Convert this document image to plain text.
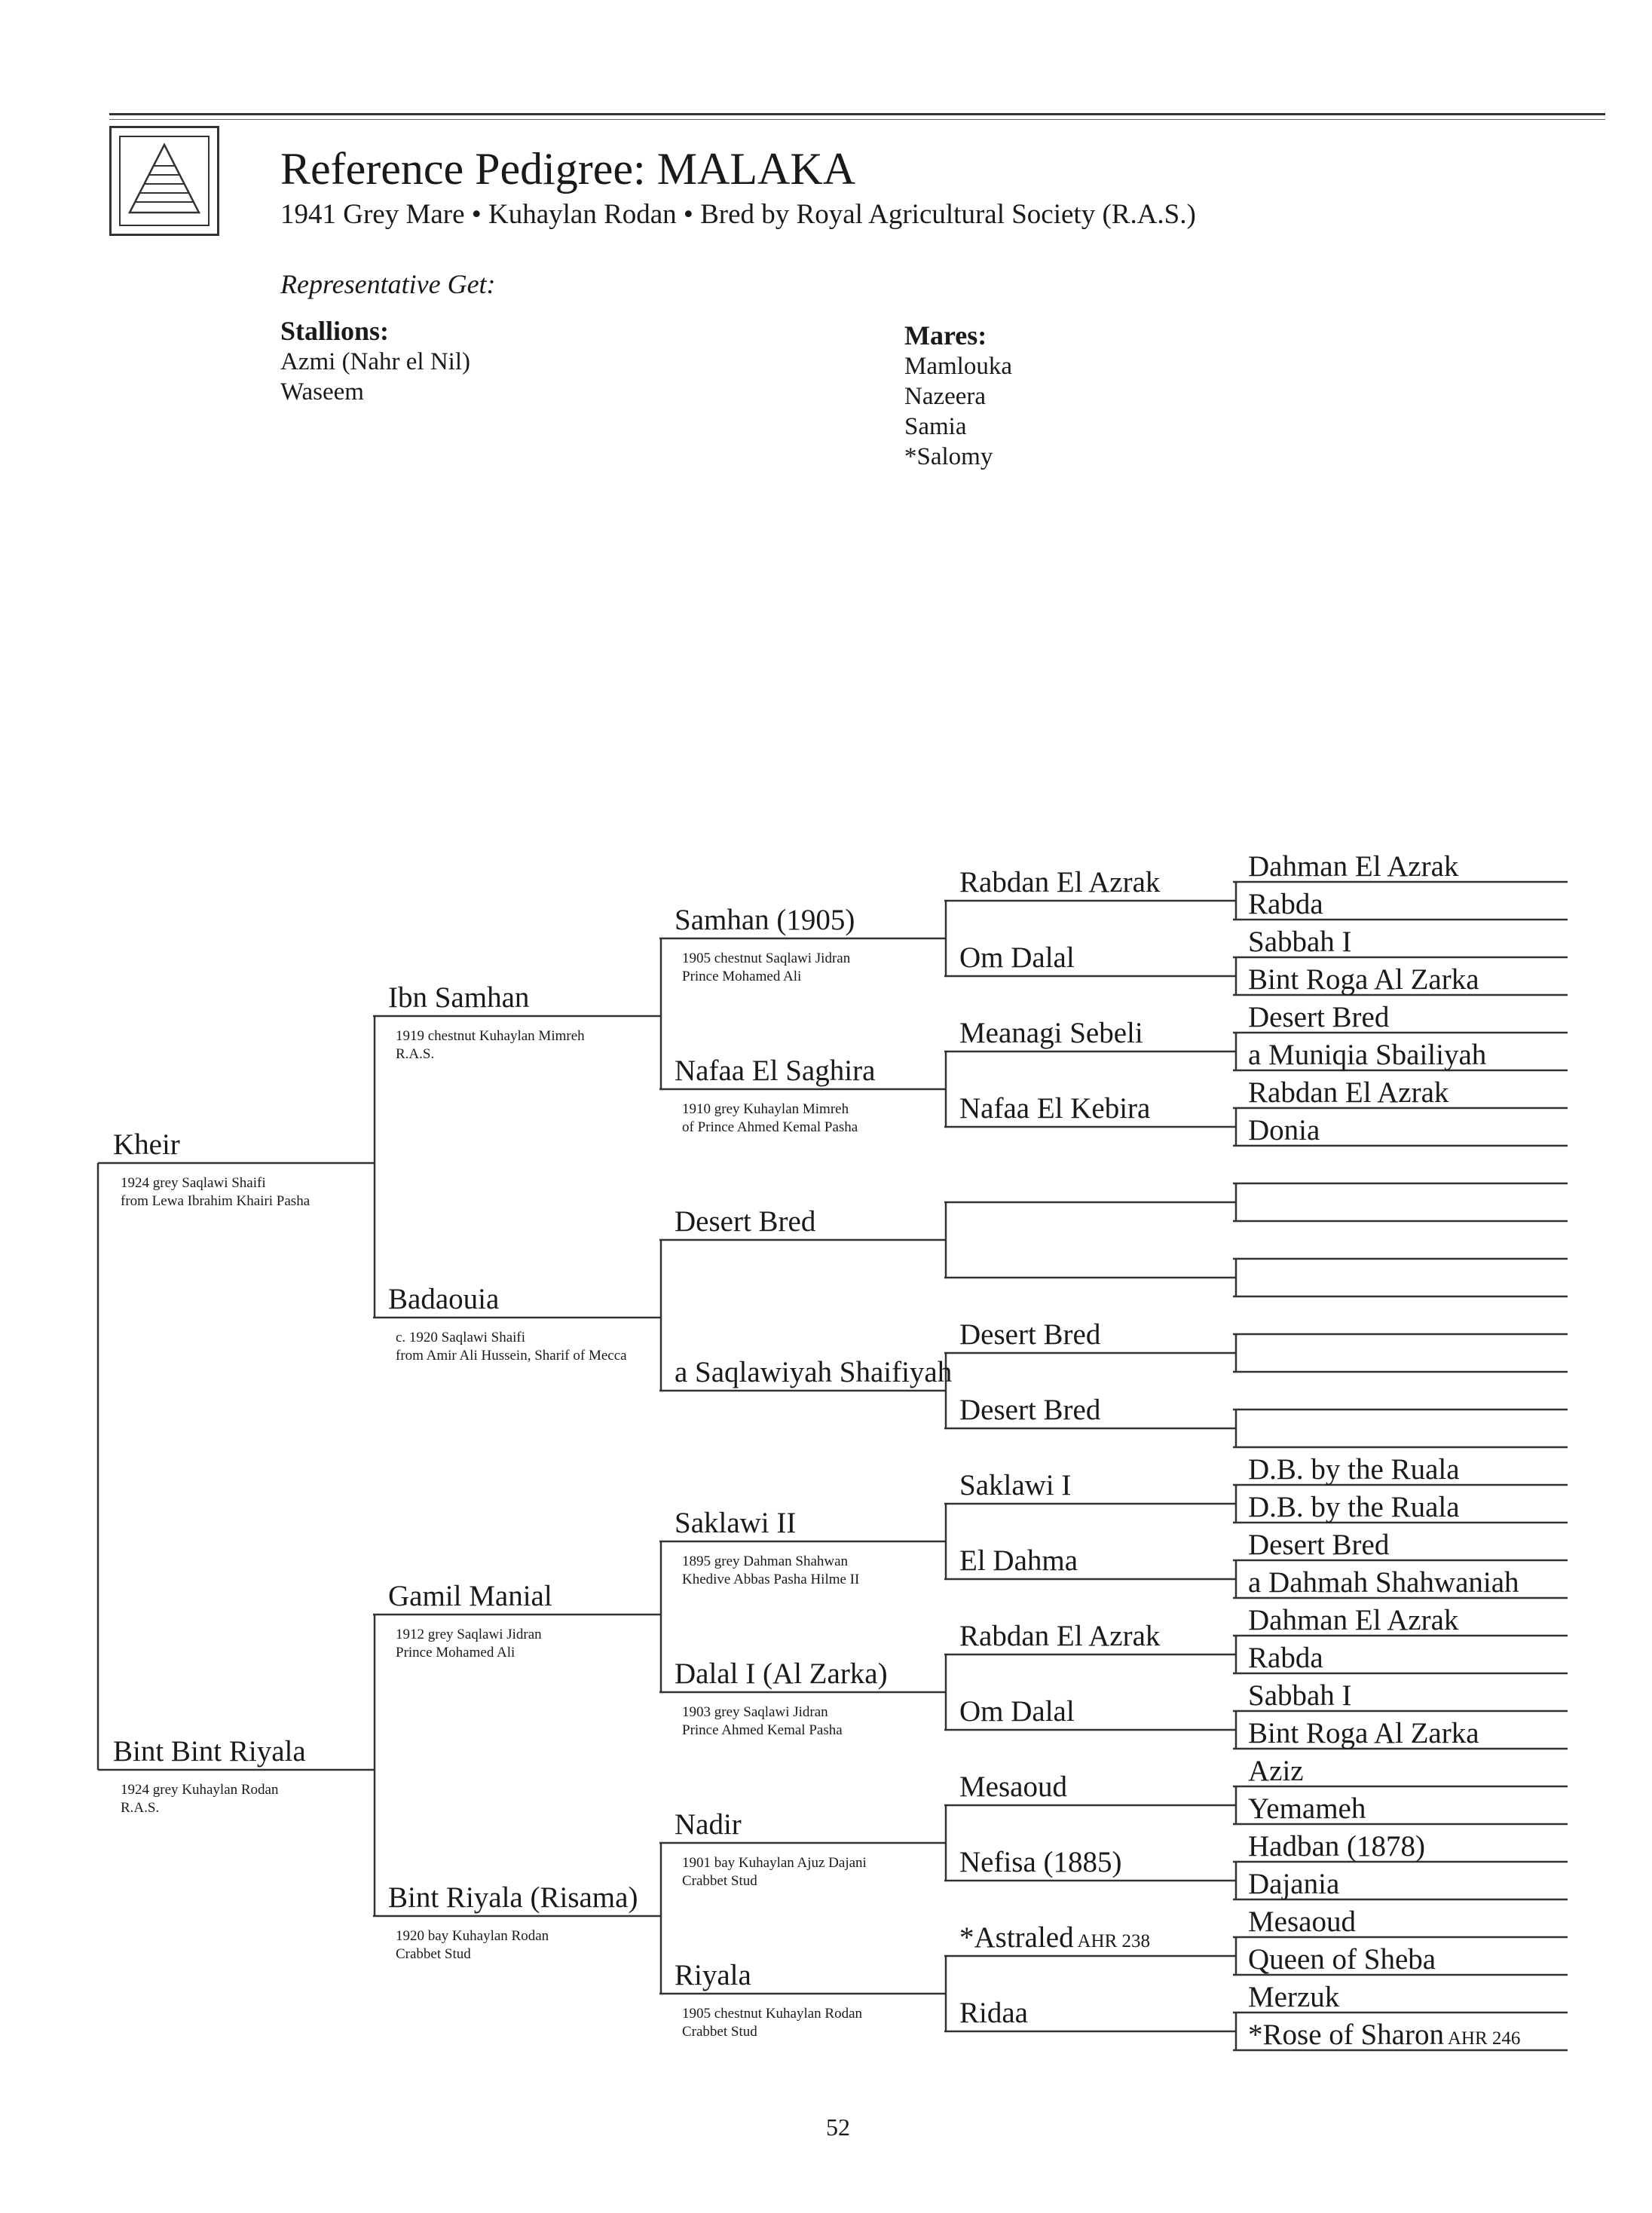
Reference Pedigree: MALAKA
1941 Grey Mare • Kuhaylan Rodan • Bred by Royal Agricultural Society (R.A.S.)
Representative Get:
Stallions:
Azmi (Nahr el Nil)
Waseem
Mares:
Mamlouka
Nazeera
Samia
*Salomy
Kheir
1924 grey Saqlawi Shaifi
from Lewa Ibrahim Khairi Pasha
Bint Bint Riyala
1924 grey Kuhaylan Rodan
R.A.S.
Ibn Samhan
1919 chestnut Kuhaylan Mimreh
R.A.S.
Badaouia
c. 1920 Saqlawi Shaifi
from Amir Ali Hussein, Sharif of Mecca
Gamil Manial
1912 grey Saqlawi Jidran
Prince Mohamed Ali
Bint Riyala (Risama)
1920 bay Kuhaylan Rodan
Crabbet Stud
Samhan (1905)
1905 chestnut Saqlawi Jidran
Prince Mohamed Ali
Nafaa El Saghira
1910 grey Kuhaylan Mimreh
of Prince Ahmed Kemal Pasha
Desert Bred
a Saqlawiyah Shaifiyah
Saklawi II
1895 grey Dahman Shahwan
Khedive Abbas Pasha Hilme II
Dalal I (Al Zarka)
1903 grey Saqlawi Jidran
Prince Ahmed Kemal Pasha
Nadir
1901 bay Kuhaylan Ajuz Dajani
Crabbet Stud
Riyala
1905 chestnut Kuhaylan Rodan
Crabbet Stud
Rabdan El Azrak
Om Dalal
Meanagi Sebeli
Nafaa El Kebira
Desert Bred
Desert Bred
Saklawi I
El Dahma
Rabdan El Azrak
Om Dalal
Mesaoud
Nefisa (1885)
*Astraled AHR 238
Ridaa
Dahman El Azrak
Rabda
Sabbah I
Bint Roga Al Zarka
Desert Bred
a Muniqia Sbailiyah
Rabdan El Azrak
Donia
D.B. by the Ruala
D.B. by the Ruala
Desert Bred
a Dahmah Shahwaniah
Dahman El Azrak
Rabda
Sabbah I
Bint Roga Al Zarka
Aziz
Yemameh
Hadban (1878)
Dajania
Mesaoud
Queen of Sheba
Merzuk
*Rose of Sharon AHR 246
52
